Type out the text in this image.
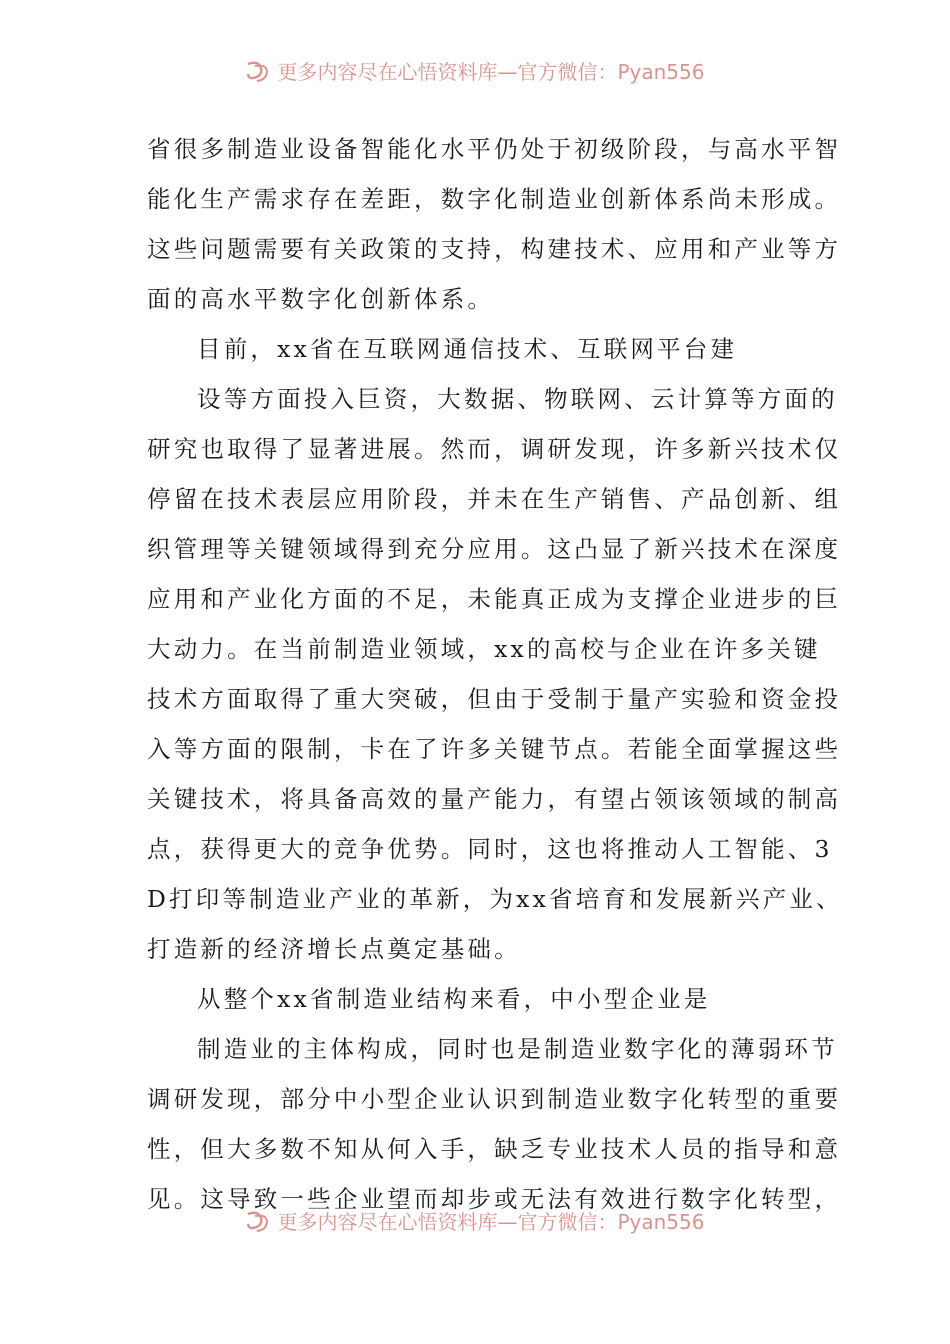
更多内容尽在心悟资料库—官方微信：Pyan556
省很多制造业设备智能化水平仍处于初级阶段，与高水平智
能化生产需求存在差距，数字化制造业创新体系尚未形成。
这些问题需要有关政策的支持，构建技术、应用和产业等方
面的高水平数字化创新体系。
目前，xx省在互联网通信技术、互联网平台建
设等方面投入巨资，大数据、物联网、云计算等方面的
研究也取得了显著进展。然而，调研发现，许多新兴技术仅
停留在技术表层应用阶段，并未在生产销售、产品创新、组
织管理等关键领域得到充分应用。这凸显了新兴技术在深度
应用和产业化方面的不足，未能真正成为支撑企业进步的巨
大动力。在当前制造业领域，xx的高校与企业在许多关键
技术方面取得了重大突破，但由于受制于量产实验和资金投
入等方面的限制，卡在了许多关键节点。若能全面掌握这些
关键技术，将具备高效的量产能力，有望占领该领域的制高
点，获得更大的竞争优势。同时，这也将推动人工智能、3
D打印等制造业产业的革新，为xx省培育和发展新兴产业、
打造新的经济增长点奠定基础。
从整个xx省制造业结构来看，中小型企业是
制造业的主体构成，同时也是制造业数字化的薄弱环节
调研发现，部分中小型企业认识到制造业数字化转型的重要
性，但大多数不知从何入手，缺乏专业技术人员的指导和意
见。这导致一些企业望而却步或无法有效进行数字化转型，
更多内容尽在心悟资料库—官方微信：Pyan556
